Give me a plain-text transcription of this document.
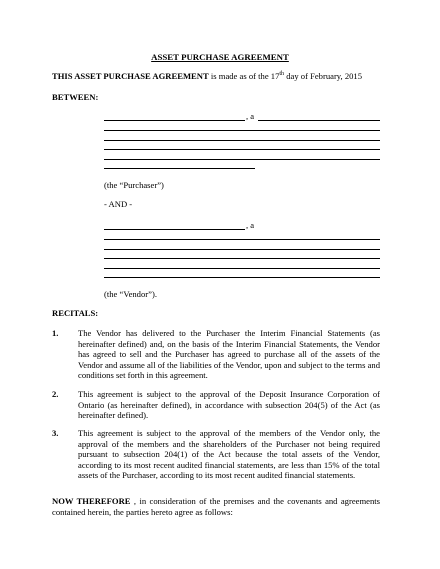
ASSET PURCHASE AGREEMENT
THIS ASSET PURCHASE AGREEMENT is made as of the 17th day of February, 2015
BETWEEN:
, a
(the “Purchaser”)
- AND -
, a
(the “Vendor”).
RECITALS:
1. The Vendor has delivered to the Purchaser the Interim Financial Statements (as hereinafter defined) and, on the basis of the Interim Financial Statements, the Vendor has agreed to sell and the Purchaser has agreed to purchase all of the assets of the Vendor and assume all of the liabilities of the Vendor, upon and subject to the terms and conditions set forth in this agreement.
2. This agreement is subject to the approval of the Deposit Insurance Corporation of Ontario (as hereinafter defined), in accordance with subsection 204(5) of the Act (as hereinafter defined).
3. This agreement is subject to the approval of the members of the Vendor only, the approval of the members and the shareholders of the Purchaser not being required pursuant to subsection 204(1) of the Act because the total assets of the Vendor, according to its most recent audited financial statements, are less than 15% of the total assets of the Purchaser, according to its most recent audited financial statements.
NOW THEREFORE , in consideration of the premises and the covenants and agreements contained herein, the parties hereto agree as follows:
